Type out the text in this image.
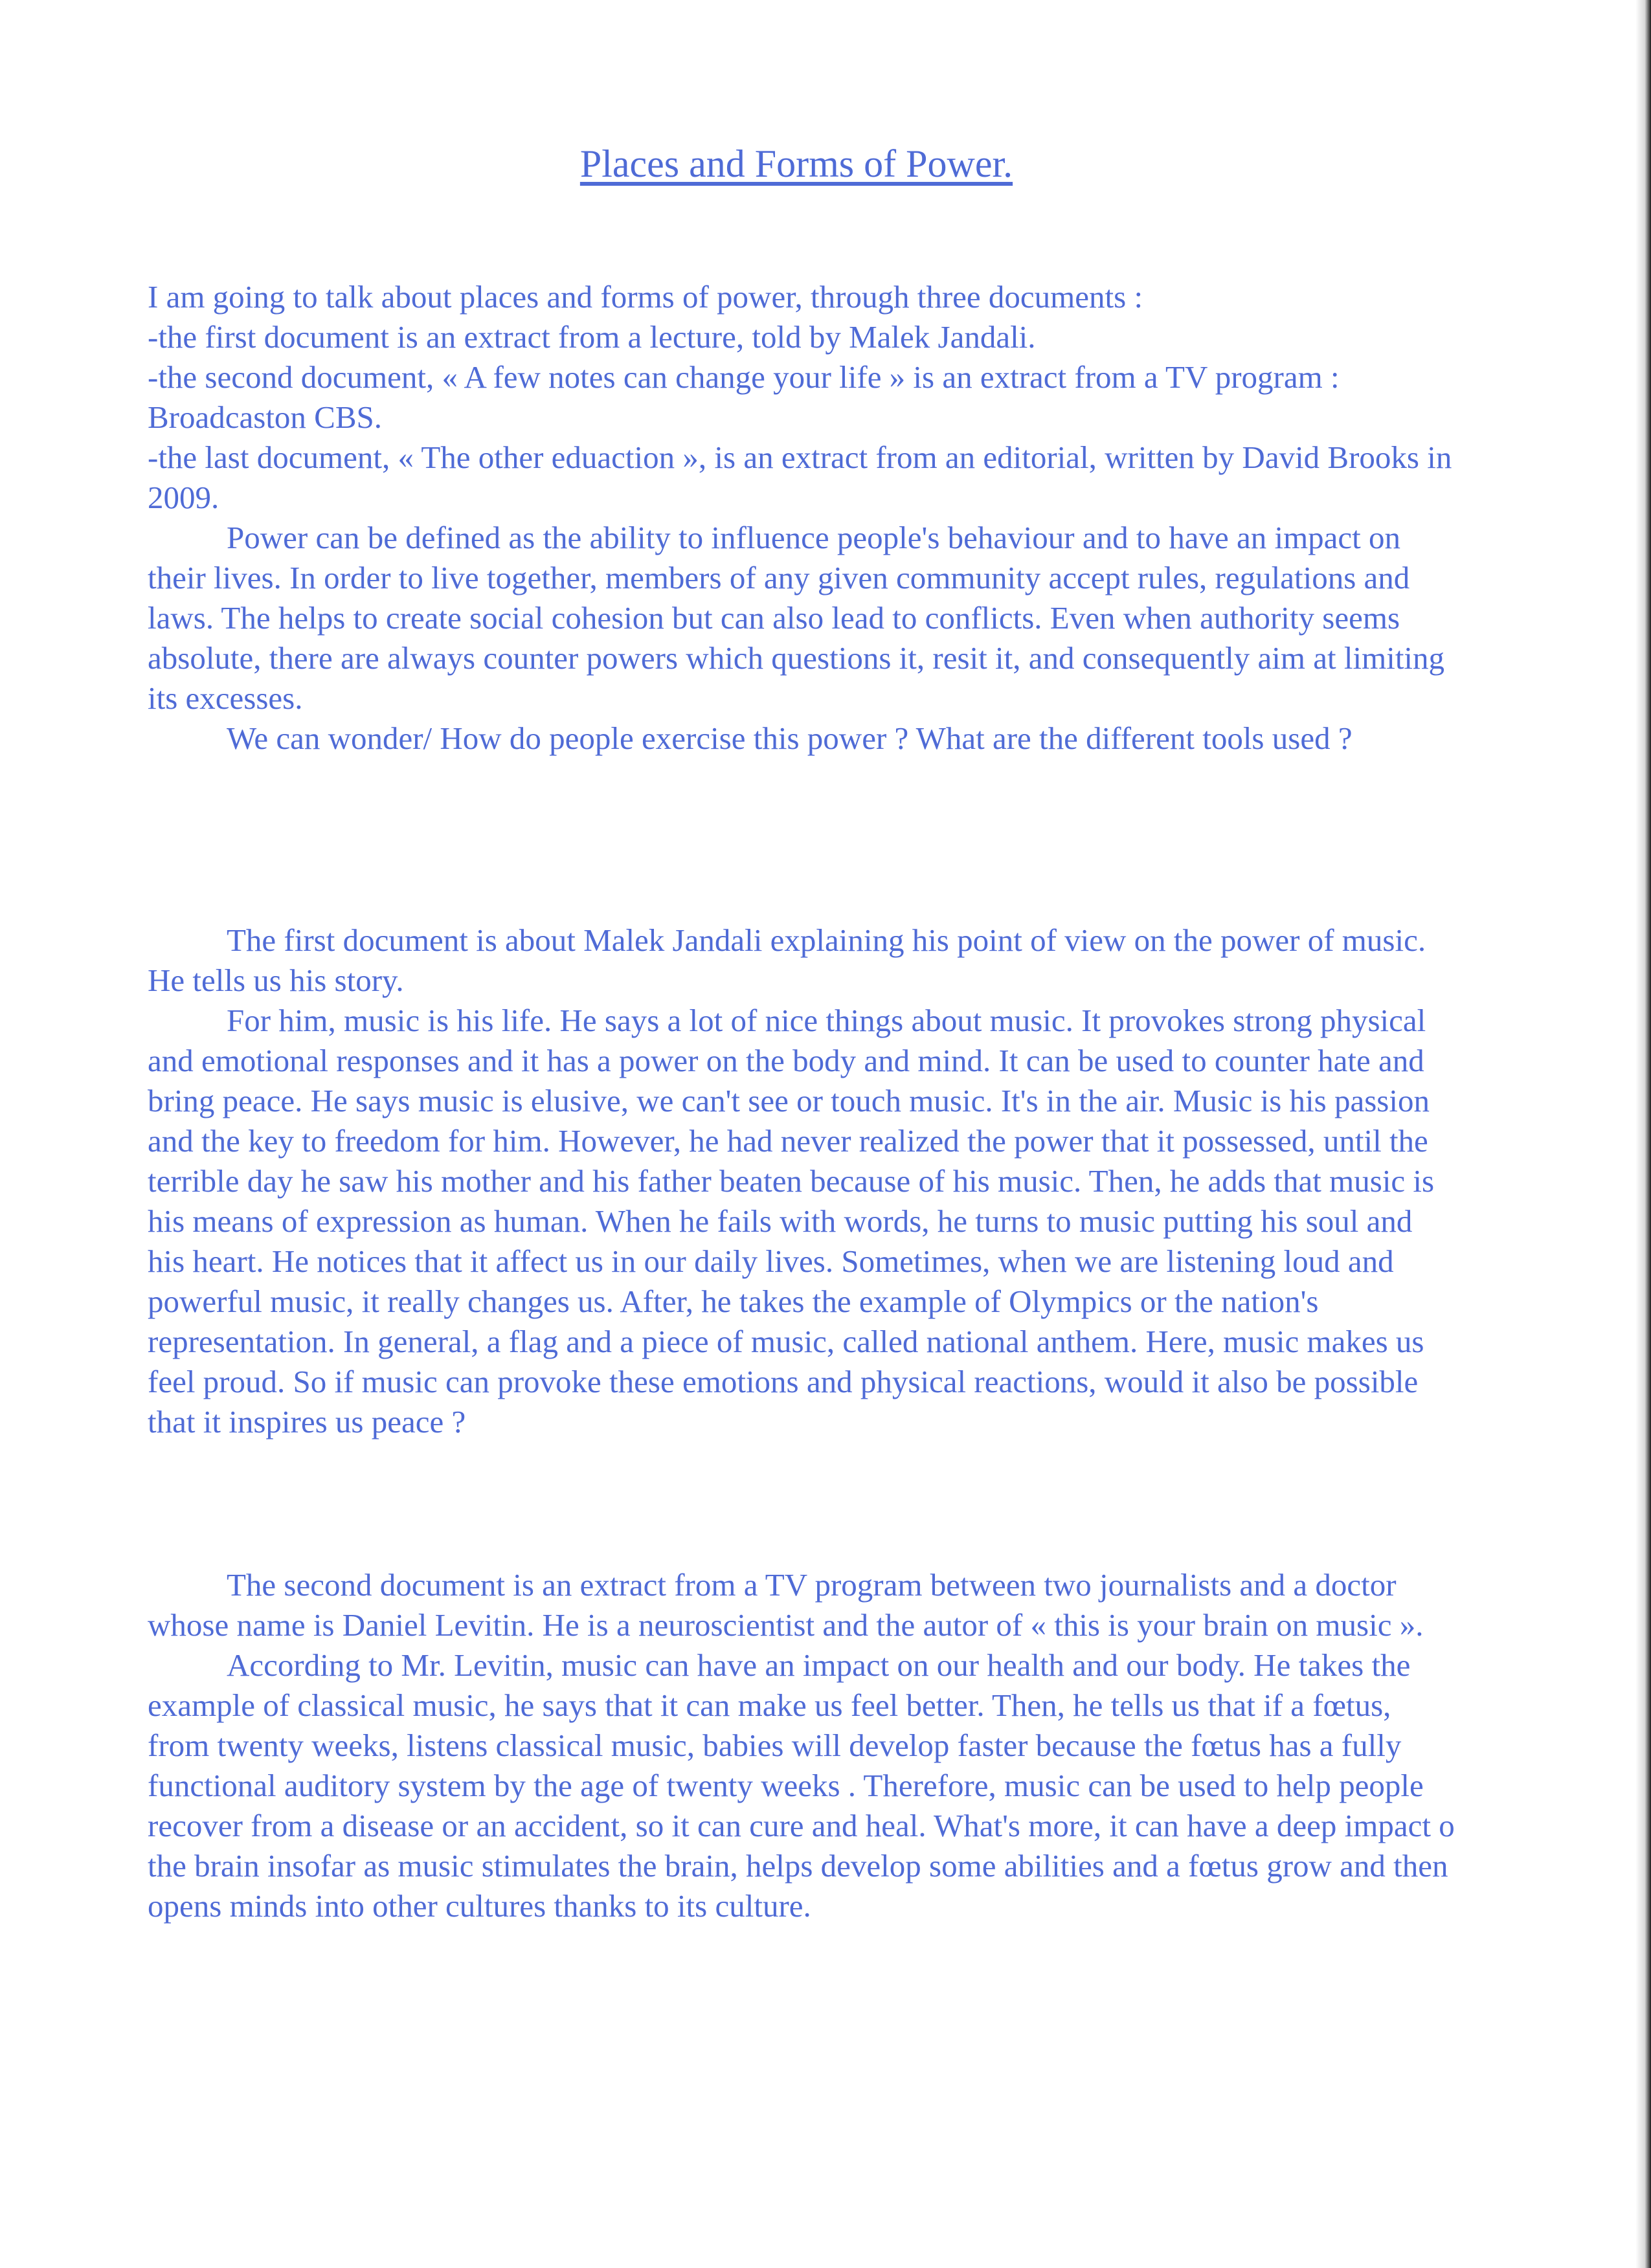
Places and Forms of Power.

I am going to talk about places and forms of power, through three documents :

-the first document is an extract from a lecture, told by Malek Jandali.

-the second document, « A few notes can change your life » is an extract from a TV program : Broadcaston CBS.

-the last document, « The other eduaction », is an extract from an editorial, written by David Brooks in 2009.

Power can be defined as the ability to influence people's behaviour and to have an impact on their lives. In order to live together, members of any given community accept rules, regulations and laws. The helps to create social cohesion but can also lead to conflicts. Even when authority seems absolute, there are always counter powers which questions it, resit it, and consequently aim at limiting its excesses.

We can wonder/ How do people exercise this power ? What are the different tools used ?

The first document is about Malek Jandali explaining his point of view on the power of music. He tells us his story.

For him, music is his life. He says a lot of nice things about music. It provokes strong physical and emotional responses and it has a power on the body and mind. It can be used to counter hate and bring peace. He says music is elusive, we can't see or touch music. It's in the air. Music is his passion and the key to freedom for him. However, he had never realized the power that it possessed, until the terrible day he saw his mother and his father beaten because of his music. Then, he adds that music is his means of expression as human. When he fails with words, he turns to music putting his soul and his heart. He notices that it affect us in our daily lives. Sometimes, when we are listening loud and powerful music, it really changes us. After, he takes the example of Olympics or the nation's representation. In general, a flag and a piece of music, called national anthem. Here, music makes us feel proud. So if music can provoke these emotions and physical reactions, would it also be possible that it inspires us peace ?

The second document is an extract from a TV program between two journalists and a doctor whose name is Daniel Levitin. He is a neuroscientist and the autor of « this is your brain on music ».

According to Mr. Levitin, music can have an impact on our health and our body. He takes the example of classical music, he says that it can make us feel better. Then, he tells us that if a fœtus, from twenty weeks, listens classical music, babies will develop faster because the fœtus has a fully functional auditory system by the age of twenty weeks . Therefore, music can be used to help people recover from a disease or an accident, so it can cure and heal. What's more, it can have a deep impact o the brain insofar as music stimulates the brain, helps develop some abilities and a fœtus grow and then opens minds into other cultures thanks to its culture.
